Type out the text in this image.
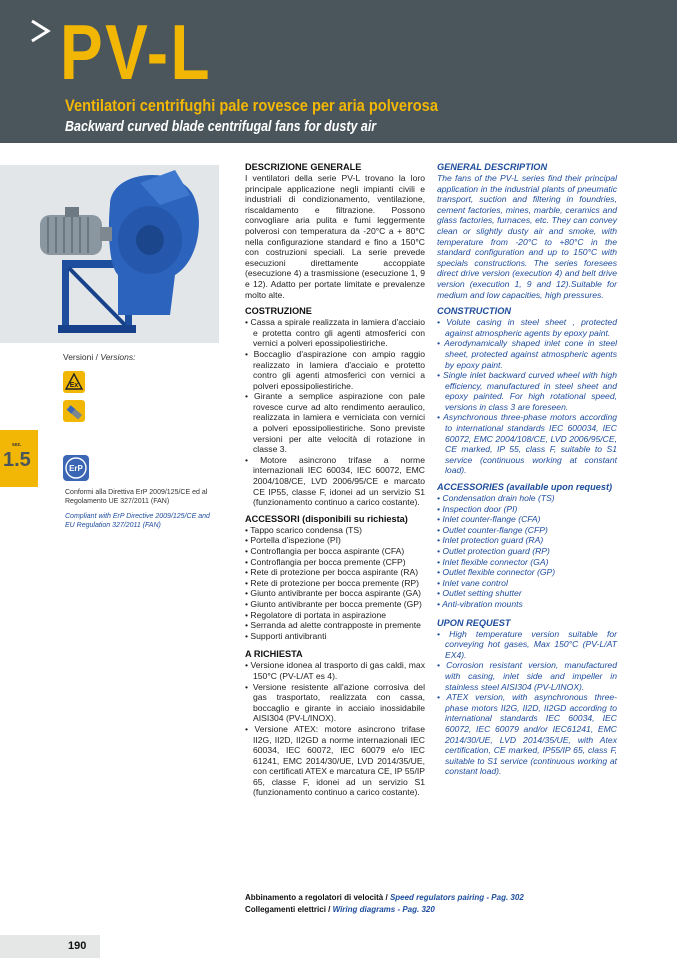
PV-L
Ventilatori centrifughi pale rovesce per aria polverosa
Backward curved blade centrifugal fans for dusty air
Versioni / Versions:
Ex
sez.
1.5	ErP
Conformi alla Direttiva ErP 2009/125/CE ed al Regolamento UE 327/2011 (FAN)
Compliant with ErP Directive 2009/125/CE and EU Regulation 327/2011 (FAN)
DESCRIZIONE GENERALE

I ventilatori della serie PV-L trovano la loro principale applicazione negli impianti civili e industriali di condizionamento, ventilazione, riscaldamento e filtrazione. Possono convogliare aria pulita e fumi leggermente polverosi con temperatura da -20°C a + 80°C nella configurazione standard e fino a 150°C con costruzioni speciali. La serie prevede esecuzioni direttamente accoppiate (esecuzione 4) a trasmissione (esecuzione 1, 9 e 12). Adatto per portate limitate e prevalenze molto alte.

COSTRUZIONE
• Cassa a spirale realizzata in lamiera d'acciaio e protetta contro gli agenti atmosferici con vernici a polveri epossipoliestiriche.
• Boccaglio d'aspirazione con ampio raggio realizzato in lamiera d'acciaio e protetto contro gli agenti atmosferici con vernici a polveri epossipoliestiriche.
• Girante a semplice aspirazione con pale rovesce curve ad alto rendimento aeraulico, realizzata in lamiera e verniciata con vernici a polveri epossipoliestiriche. Sono previste versioni per alte velocità di rotazione in classe 3.
• Motore asincrono trifase a norme internazionali IEC 60034, IEC 60072, EMC 2004/108/CE, LVD 2006/95/CE e marcato CE IP55, classe F, idonei ad un servizio S1 (funzionamento continuo a carico costante).
ACCESSORI (disponibili su richiesta)
• Tappo scarico condensa (TS)
• Portella d'ispezione (PI)
• Controflangia per bocca aspirante (CFA)
• Controflangia per bocca premente (CFP)
• Rete di protezione per bocca aspirante (RA)
• Rete di protezione per bocca premente (RP)
• Giunto antivibrante per bocca aspirante (GA)
• Giunto antivibrante per bocca premente (GP)
• Regolatore di portata in aspirazione
• Serranda ad alette contrapposte in premente
• Supporti antivibranti
A RICHIESTA
• Versione idonea al trasporto di gas caldi, max 150°C (PV-L/AT es 4).
• Versione resistente all'azione corrosiva del gas trasportato, realizzata con cassa, boccaglio e girante in acciaio inossidabile AISI304 (PV-L/INOX).
• Versione ATEX: motore asincrono trifase II2G, II2D, II2GD a norme internazionali IEC 60034, IEC 60072, IEC 60079 e/o IEC 61241, EMC 2014/30/UE, LVD 2014/35/UE, con certificati ATEX e marcatura CE, IP 55/IP 65, classe F, idonei ad un servizio S1 (funzionamento continuo a carico costante).
GENERAL DESCRIPTION

The fans of the PV-L series find their principal application in the industrial plants of pneumatic transport, suction and filtering in foundries, cement factories, mines, marble, ceramics and glass factories, furnaces, etc. They can convey clean or slightly dusty air and smoke, with temperature from -20°C to +80°C in the standard configuration and up to 150°C with specials constructions. The series foresees direct drive version (execution 4) and belt drive version (execution 1, 9 and 12).Suitable for medium and low capacities, high pressures.

CONSTRUCTION
• Volute casing in steel sheet , protected against atmospheric agents by epoxy paint.
• Aerodynamically shaped inlet cone in steel sheet, protected against atmospheric agents by epoxy paint.
• Single inlet backward curved wheel with high efficiency, manufactured in steel sheet and epoxy painted. For high rotational speed, versions in class 3 are foreseen.
• Asynchronous three-phase motors according to international standards IEC 600034, IEC 60072, EMC 2004/108/CE, LVD 2006/95/CE, CE marked, IP 55, class F, suitable to S1 service (continuous working at constant load).
ACCESSORIES (available upon request)
• Condensation drain hole (TS)
• Inspection door (PI)
• Inlet counter-flange (CFA)
• Outlet counter-flange (CFP)
• Inlet protection guard (RA)
• Outlet protection guard (RP)
• Inlet flexible connector (GA)
• Outlet flexible connector (GP)
• Inlet vane control
• Outlet setting shutter
• Anti-vibration mounts
UPON REQUEST
• High temperature version suitable for conveying hot gases, Max 150°C (PV-L/AT EX4).
• Corrosion resistant version, manufactured with casing, inlet side and impeller in stainless steel AISI304 (PV-L/INOX).
• ATEX version, with asynchronous three-phase motors II2G, II2D, II2GD according to international standards IEC 60034, IEC 60072, IEC 60079 and/or IEC61241, EMC 2014/30/UE, LVD 2014/35/UE, with Atex certification, CE marked, IP55/IP 65, class F, suitable to S1 service (continuous working at constant load).
Abbinamento a regolatori di velocità / Speed regulators pairing - Pag. 302
Collegamenti elettrici / Wiring diagrams - Pag. 320
190
